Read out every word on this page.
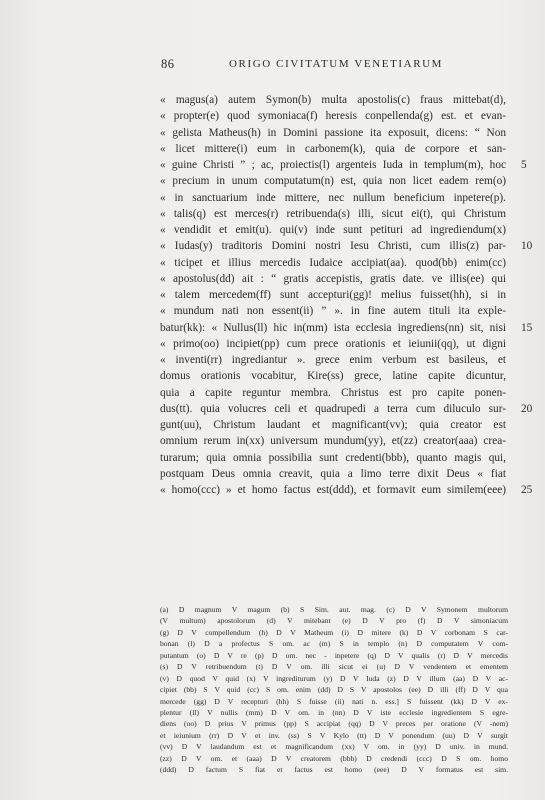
86	ORIGO CIVITATUM VENETIARUM
« magus(a) autem Symon(b) multa apostolis(c) fraus mittebat(d),
« propter(e) quod symoniaca(f) heresis conpellenda(g) est. et evan-
« gelista Matheus(h) in Domini passione ita exposuit, dicens: “ Non
« licet mittere(i) eum in carbonem(k), quia de corpore et san-
« guine Christi ” ; ac, proiectis(l) argenteis Iuda in templum(m), hoc 5
« precium in unum computatum(n) est, quia non licet eadem rem(o)
« in sanctuarium inde mittere, nec nullum beneficium inpetere(p).
« talis(q) est merces(r) retribuenda(s) illi, sicut ei(t), qui Christum
« vendidit et emit(u). qui(v) inde sunt petituri ad ingrediendum(x)
« Iudas(y) traditoris Domini nostri Iesu Christi, cum illis(z) par- 10
« ticipet et illius mercedis Iudaice accipiat(aa). quod(bb) enim(cc)
« apostolus(dd) ait : “ gratis accepistis, gratis date. ve illis(ee) qui
« talem mercedem(ff) sunt accepturi(gg)! melius fuisset(hh), si in
« mundum nati non essent(ii) ” ». in fine autem tituli ita exple-
batur(kk): « Nullus(ll) hic in(mm) ista ecclesia ingrediens(nn) sit, nisi 15
« primo(oo) incipiet(pp) cum prece orationis et ieiunii(qq), ut digni
« inventi(rr) ingrediantur ». grece enim verbum est basileus, et
domus orationis vocabitur, Kire(ss) grece, latine capite dicuntur,
quia a capite reguntur membra. Christus est pro capite ponen-
dus(tt). quia volucres celi et quadrupedi a terra cum diluculo sur- 20
gunt(uu), Christum laudant et magnificant(vv); quia creator est
omnium rerum in(xx) universum mundum(yy), et(zz) creator(aaa) crea-
turarum; quia omnia possibilia sunt credenti(bbb), quanto magis qui,
postquam Deus omnia creavit, quia a limo terre dixit Deus « fiat
« homo(ccc) » et homo factus est(ddd), et formavit eum similem(eee) 25
(a) D magnum V magum (b) S Sim. aut. mag. (c) D V Symonem multorum
(V multum) apostolorum (d) V mitebant (e) D V pro (f) D V simoniacum
(g) D V compellendum (h) D V Matheum (i) D mitere (k) D V corbonam S car-
bonan (l) D a profectus S om. ac (m) S in templo (n) D computatem V com-
putantum (o) D V re (p) D om. nec - inpetere (q) D V qualis (r) D V mercedis
(s) D V retribuendum (t) D V om. illi sicut ei (u) D V vendentem et ementem
(v) D quod V quid (x) V ingrediturum (y) D V Iuda (z) D V illum (aa) D V ac-
cipiet (bb) S V quid (cc) S om. enim (dd) D S V apostolos (ee) D illi (ff) D V qua
mercede (gg) D V recepturi (hh) S fuisse (ii) nati n. ess.] S fuissent (kk) D V ex-
plentur (ll) V nullis (mm) D V om. in (nn) D V iste ecclesie ingredientem S egre-
diens (oo) D prius V primus (pp) S accipiat (qq) D V preces per oratione (V -nem)
et ieiunium (rr) D V et inv. (ss) S V Kylo (tt) D V ponendum (uu) D V surgit
(vv) D V laudandum est et magnificandum (xx) V om. in (yy) D univ. in mund.
(zz) D V om. et (aaa) D V creatorem (bbb) D credendi (ccc) D S om. homo
(ddd) D factum S fiat et factus est homo (eee) D V formatus est sim.
